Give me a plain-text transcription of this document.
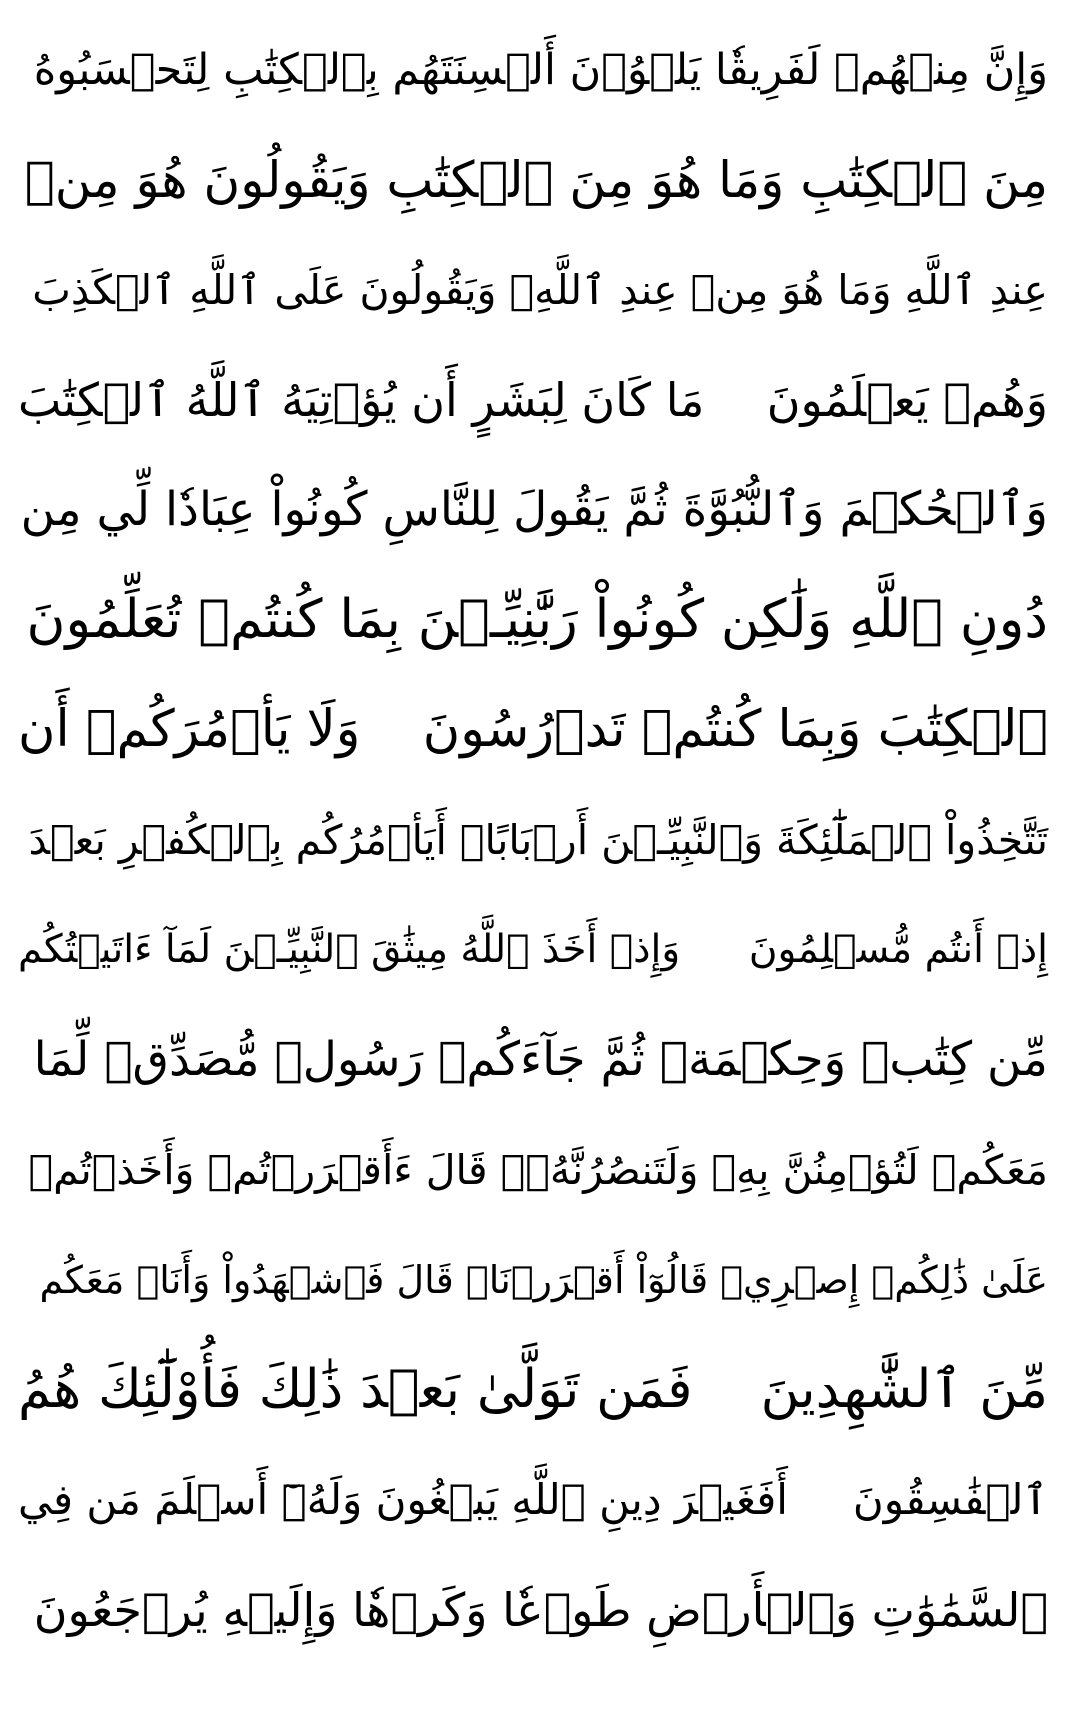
وَإِنَّ مِنۡهُمۡ لَفَرِيقٗا يَلۡوُۥنَ أَلۡسِنَتَهُم بِٱلۡكِتَٰبِ لِتَحۡسَبُوهُ
مِنَ ٱلۡكِتَٰبِ وَمَا هُوَ مِنَ ٱلۡكِتَٰبِ وَيَقُولُونَ هُوَ مِنۡ
عِندِ ٱللَّهِ وَمَا هُوَ مِنۡ عِندِ ٱللَّهِۖ وَيَقُولُونَ عَلَى ٱللَّهِ ٱلۡكَذِبَ
وَهُمۡ يَعۡلَمُونَ
مَا كَانَ لِبَشَرٍ أَن يُؤۡتِيَهُ ٱللَّهُ ٱلۡكِتَٰبَ
وَٱلۡحُكۡمَ وَٱلنُّبُوَّةَ ثُمَّ يَقُولَ لِلنَّاسِ كُونُواْ عِبَادٗا لِّي مِن
دُونِ ٱللَّهِ وَلَٰكِن كُونُواْ رَبَّٰنِيِّـۧنَ بِمَا كُنتُمۡ تُعَلِّمُونَ
ٱلۡكِتَٰبَ وَبِمَا كُنتُمۡ تَدۡرُسُونَ
وَلَا يَأۡمُرَكُمۡ أَن
تَتَّخِذُواْ ٱلۡمَلَٰٓئِكَةَ وَٱلنَّبِيِّـۧنَ أَرۡبَابًاۗ أَيَأۡمُرُكُم بِٱلۡكُفۡرِ بَعۡدَ
إِذۡ أَنتُم مُّسۡلِمُونَ
وَإِذۡ أَخَذَ ٱللَّهُ مِيثَٰقَ ٱلنَّبِيِّـۧنَ لَمَآ ءَاتَيۡتُكُم
مِّن كِتَٰبٖ وَحِكۡمَةٖ ثُمَّ جَآءَكُمۡ رَسُولٞ مُّصَدِّقٞ لِّمَا
مَعَكُمۡ لَتُؤۡمِنُنَّ بِهِۦ وَلَتَنصُرُنَّهُۥۚ قَالَ ءَأَقۡرَرۡتُمۡ وَأَخَذۡتُمۡ
عَلَىٰ ذَٰلِكُمۡ إِصۡرِيۖ قَالُوٓاْ أَقۡرَرۡنَاۚ قَالَ فَٱشۡهَدُواْ وَأَنَا۠ مَعَكُم
مِّنَ ٱلشَّٰهِدِينَ
فَمَن تَوَلَّىٰ بَعۡدَ ذَٰلِكَ فَأُوْلَٰٓئِكَ هُمُ
ٱلۡفَٰسِقُونَ
أَفَغَيۡرَ دِينِ ٱللَّهِ يَبۡغُونَ وَلَهُۥٓ أَسۡلَمَ مَن فِي
ٱلسَّمَٰوَٰتِ وَٱلۡأَرۡضِ طَوۡعٗا وَكَرۡهٗا وَإِلَيۡهِ يُرۡجَعُونَ
